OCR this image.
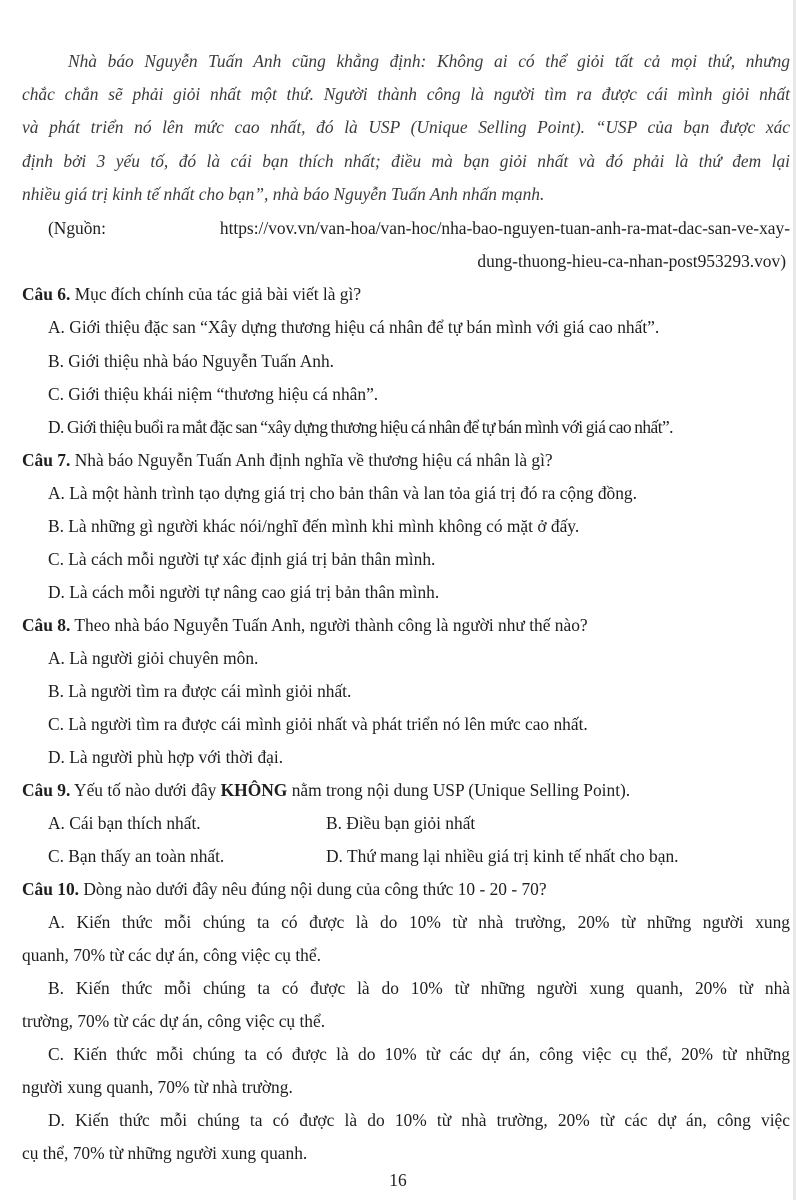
Nhà báo Nguyễn Tuấn Anh cũng khẳng định: Không ai có thể giỏi tất cả mọi thứ, nhưng
chắc chắn sẽ phải giỏi nhất một thứ. Người thành công là người tìm ra được cái mình giỏi nhất
và phát triển nó lên mức cao nhất, đó là USP (Unique Selling Point). “USP của bạn được xác
định bởi 3 yếu tố, đó là cái bạn thích nhất; điều mà bạn giỏi nhất và đó phải là thứ đem lại
nhiều giá trị kinh tế nhất cho bạn”, nhà báo Nguyễn Tuấn Anh nhấn mạnh.
(Nguồn: https://vov.vn/van-hoa/van-hoc/nha-bao-nguyen-tuan-anh-ra-mat-dac-san-ve-xay-
dung-thuong-hieu-ca-nhan-post953293.vov)
Câu 6. Mục đích chính của tác giả bài viết là gì?
A. Giới thiệu đặc san “Xây dựng thương hiệu cá nhân để tự bán mình với giá cao nhất”.
B. Giới thiệu nhà báo Nguyễn Tuấn Anh.
C. Giới thiệu khái niệm “thương hiệu cá nhân”.
D. Giới thiệu buổi ra mắt đặc san “xây dựng thương hiệu cá nhân để tự bán mình với giá cao nhất”.
Câu 7. Nhà báo Nguyễn Tuấn Anh định nghĩa về thương hiệu cá nhân là gì?
A. Là một hành trình tạo dựng giá trị cho bản thân và lan tỏa giá trị đó ra cộng đồng.
B. Là những gì người khác nói/nghĩ đến mình khi mình không có mặt ở đấy.
C. Là cách mỗi người tự xác định giá trị bản thân mình.
D. Là cách mỗi người tự nâng cao giá trị bản thân mình.
Câu 8. Theo nhà báo Nguyễn Tuấn Anh, người thành công là người như thế nào?
A. Là người giỏi chuyên môn.
B. Là người tìm ra được cái mình giỏi nhất.
C. Là người tìm ra được cái mình giỏi nhất và phát triển nó lên mức cao nhất.
D. Là người phù hợp với thời đại.
Câu 9. Yếu tố nào dưới đây KHÔNG nằm trong nội dung USP (Unique Selling Point).
A. Cái bạn thích nhất.	B. Điều bạn giỏi nhất
C. Bạn thấy an toàn nhất.	D. Thứ mang lại nhiều giá trị kinh tế nhất cho bạn.
Câu 10. Dòng nào dưới đây nêu đúng nội dung của công thức 10 - 20 - 70?
A. Kiến thức mỗi chúng ta có được là do 10% từ nhà trường, 20% từ những người xung
quanh, 70% từ các dự án, công việc cụ thể.
B. Kiến thức mỗi chúng ta có được là do 10% từ những người xung quanh, 20% từ nhà
trường, 70% từ các dự án, công việc cụ thể.
C. Kiến thức mỗi chúng ta có được là do 10% từ các dự án, công việc cụ thể, 20% từ những
người xung quanh, 70% từ nhà trường.
D. Kiến thức mỗi chúng ta có được là do 10% từ nhà trường, 20% từ các dự án, công việc
cụ thể, 70% từ những người xung quanh.
16
